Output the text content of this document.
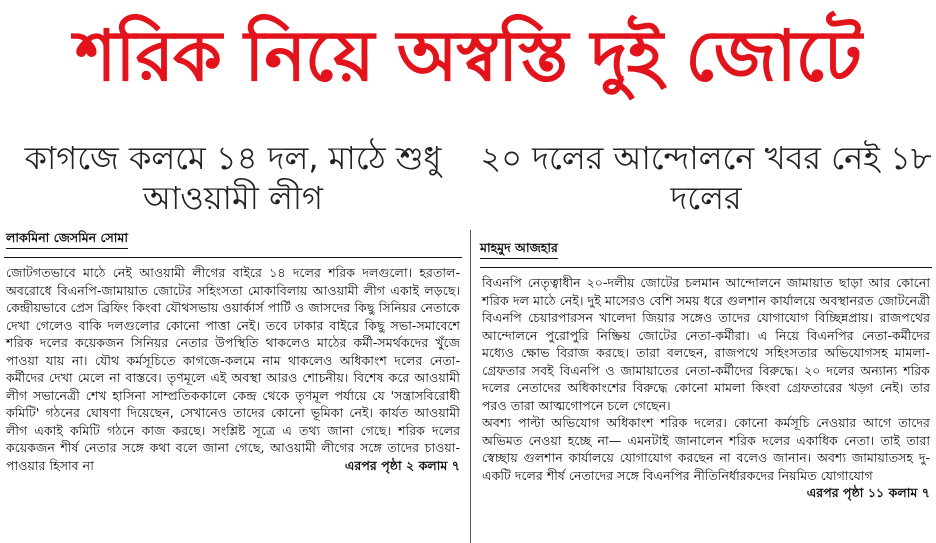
শরিক নিয়ে অস্বস্তি দুই জোটে
কাগজে কলমে ১৪ দল, মাঠে শুধু আওয়ামী লীগ
লাকমিনা জেসমিন সোমা

জোটগতভাবে মাঠে নেই আওয়ামী লীগের বাইরে ১৪ দলের শরিক দলগুলো। হরতাল-অবরোধে বিএনপি-জামায়াত জোটের সহিংসতা মোকাবিলায় আওয়ামী লীগ একাই লড়ছে। কেন্দ্রীয়ভাবে প্রেস ব্রিফিং কিংবা যৌথসভায় ওয়ার্কার্স পার্টি ও জাসদের কিছু সিনিয়র নেতাকে দেখা গেলেও বাকি দলগুলোর কোনো পাত্তা নেই। তবে ঢাকার বাইরে কিছু সভা-সমাবেশে শরিক দলের কয়েকজন সিনিয়র নেতার উপস্থিতি থাকলেও মাঠের কর্মী-সমর্থকদের খুঁজে পাওয়া যায় না। যৌথ কর্মসূচিতে কাগজে-কলমে নাম থাকলেও অধিকাংশ দলের নেতা-কর্মীদের দেখা মেলে না বাস্তবে। তৃণমূলে এই অবস্থা আরও শোচনীয়। বিশেষ করে আওয়ামী লীগ সভানেত্রী শেখ হাসিনা সাম্প্রতিককালে কেন্দ্র থেকে তৃণমূল পর্যায়ে যে 'সন্ত্রাসবিরোধী কমিটি' গঠনের ঘোষণা দিয়েছেন, সেখানেও তাদের কোনো ভূমিকা নেই। কার্যত আওয়ামী লীগ একাই কমিটি গঠনে কাজ করছে। সংশ্লিষ্ট সূত্রে এ তথ্য জানা গেছে। শরিক দলের কয়েকজন শীর্ষ নেতার সঙ্গে কথা বলে জানা গেছে, আওয়ামী লীগের সঙ্গে তাদের চাওয়া-পাওয়ার হিসাব না	এরপর পৃষ্ঠা ২ কলাম ৭

২০ দলের আন্দোলনে খবর নেই ১৮ দলের
মাহমুদ আজহার

বিএনপি নেতৃত্বাধীন ২০-দলীয় জোটের চলমান আন্দোলনে জামায়াত ছাড়া আর কোনো শরিক দল মাঠে নেই। দুই মাসেরও বেশি সময় ধরে গুলশান কার্যালয়ে অবস্থানরত জোটনেত্রী বিএনপি চেয়ারপারসন খালেদা জিয়ার সঙ্গেও তাদের যোগাযোগ বিচ্ছিন্নপ্রায়। রাজপথের আন্দোলনে পুরোপুরি নিষ্ক্রিয় জোটের নেতা-কর্মীরা। এ নিয়ে বিএনপির নেতা-কর্মীদের মধ্যেও ক্ষোভ বিরাজ করছে। তারা বলছেন, রাজপথে সহিংসতার অভিযোগসহ মামলা-গ্রেফতার সবই বিএনপি ও জামায়াতের নেতা-কর্মীদের বিরুদ্ধে। ২০ দলের অন্যান্য শরিক দলের নেতাদের অধিকাংশের বিরুদ্ধে কোনো মামলা কিংবা গ্রেফতারের খড়্গ নেই। তার পরও তারা আত্মগোপনে চলে গেছেন।

অবশ্য পাল্টা অভিযোগ অধিকাংশ শরিক দলের। কোনো কর্মসূচি নেওয়ার আগে তাদের অভিমত নেওয়া হচ্ছে না— এমনটাই জানালেন শরিক দলের একাধিক নেতা। তাই তারা স্বেচ্ছায় গুলশান কার্যালয়ে যোগাযোগ করছেন না বলেও জানান। অবশ্য জামায়াতসহ দু-একটি দলের শীর্ষ নেতাদের সঙ্গে বিএনপির নীতিনির্ধারকদের নিয়মিত যোগাযোগ
এরপর পৃষ্ঠা ১১ কলাম ৭
